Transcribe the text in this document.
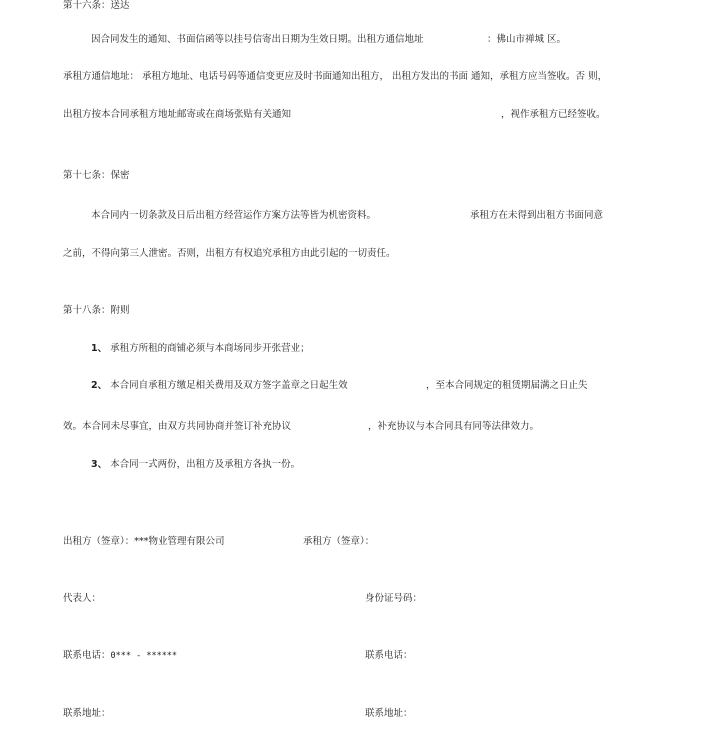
第十六条：送达
因合同发生的通知、书面信函等以挂号信寄出日期为生效日期。出租方通信地址	：佛山市禅城 区。
承租方通信地址： 承租方地址、电话号码等通信变更应及时书面通知出租方， 出租方发出的书面 通知，承租方应当签收。否 则，
出租方按本合同承租方地址邮寄或在商场张贴有关通知	，视作承租方已经签收。
第十七条：保密
本合同内一切条款及日后出租方经营运作方案方法等皆为机密资料。	承租方在未得到出租方书面同意
之前，不得向第三人泄密。否则，出租方有权追究承租方由此引起的一切责任。
第十八条：附则
1、 承租方所租的商铺必须与本商场同步开张营业；
2、 本合同自承租方缴足相关费用及双方签字盖章之日起生效	，至本合同规定的租赁期届满之日止失
效。本合同未尽事宜，由双方共同协商并签订补充协议	，补充协议与本合同具有同等法律效力。
3、 本合同一式两份，出租方及承租方各执一份。
出租方（签章）：***物业管理有限公司	承租方（签章）：
代表人：	身份证号码：
联系电话：0*** - ******	联系电话：
联系地址：	联系地址：
